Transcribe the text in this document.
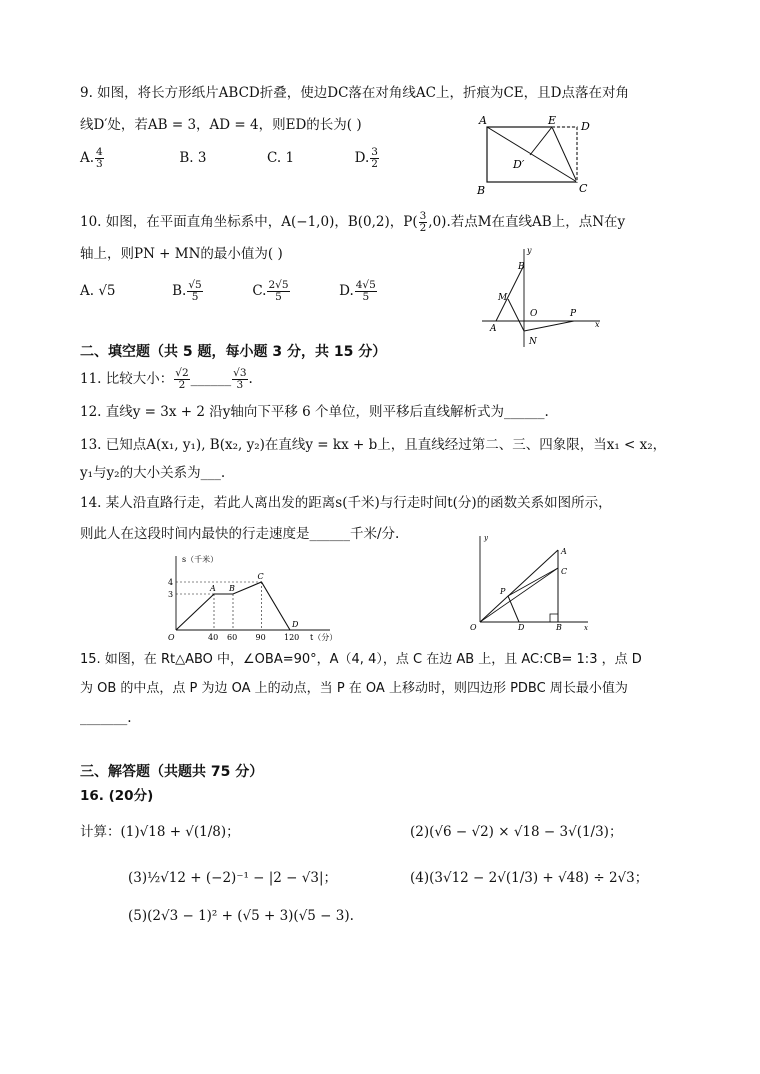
9. 如图，将长方形纸片ABCD折叠，使边DC落在对角线AC上，折痕为CE，且D点落在对角
线D′处，若AB = 3，AD = 4，则ED的长为( )
A. $\frac{4}{3}$	B. 3	C. 1	D. $\frac{3}{2}$
A	E D
D′
B	C
10. 如图，在平面直角坐标系中，A(−1,0)，B(0,2)，$P( \frac{3}{2} ,0)$.若点M在直线AB上，点N在y
轴上，则PN + MN的最小值为( )
A. √5	B. $\frac{√5}{5}$	C. $\frac{2√5}{5}$	D. $\frac{4√5}{5}$
y
B
M
A
O	P
N
x
二、填空题（共 5 题，每小题 3 分，共 15 分）
11. 比较大小： $\frac{√2}{2}$ ______ $\frac{√3}{3}$ .
12. 直线y = 3x + 2 沿y轴向下平移 6 个单位，则平移后直线解析式为______.
13. 已知点A(x₁, y₁), B(x₂, y₂)在直线y = kx + b上，且直线经过第二、三、四象限，当x₁ < x₂，
y₁与y₂的大小关系为___.
14. 某人沿直路行走，若此人离出发的距离s(千米)与行走时间t(分)的函数关系如图所示，
则此人在这段时间内最快的行走速度是______千米/分.
s（千米）
t（分）
O	40 60 90 120
3
4
A B
C
D
y
A
C
P
O	D	B	x
15. 如图，在 Rt△ABO 中，∠OBA=90°，A（4, 4），点 C 在边 AB 上，且 AC:CB= 1:3 ，点 D
为 OB 的中点，点 P 为边 OA 上的动点，当 P 在 OA 上移动时，则四边形 PDBC 周长最小值为
_______.
三、解答题（共题共 75 分）
16. (20分)
计算：(1)√18 + √(1/8)；	(2)(√6 − √2) × √18 − 3√(1/3)；
(3)½√12 + (−2)⁻¹ − |2 − √3|；	(4)(3√12 − 2√(1/3) + √48) ÷ 2√3；
(5)(2√3 − 1)² + (√5 + 3)(√5 − 3).
